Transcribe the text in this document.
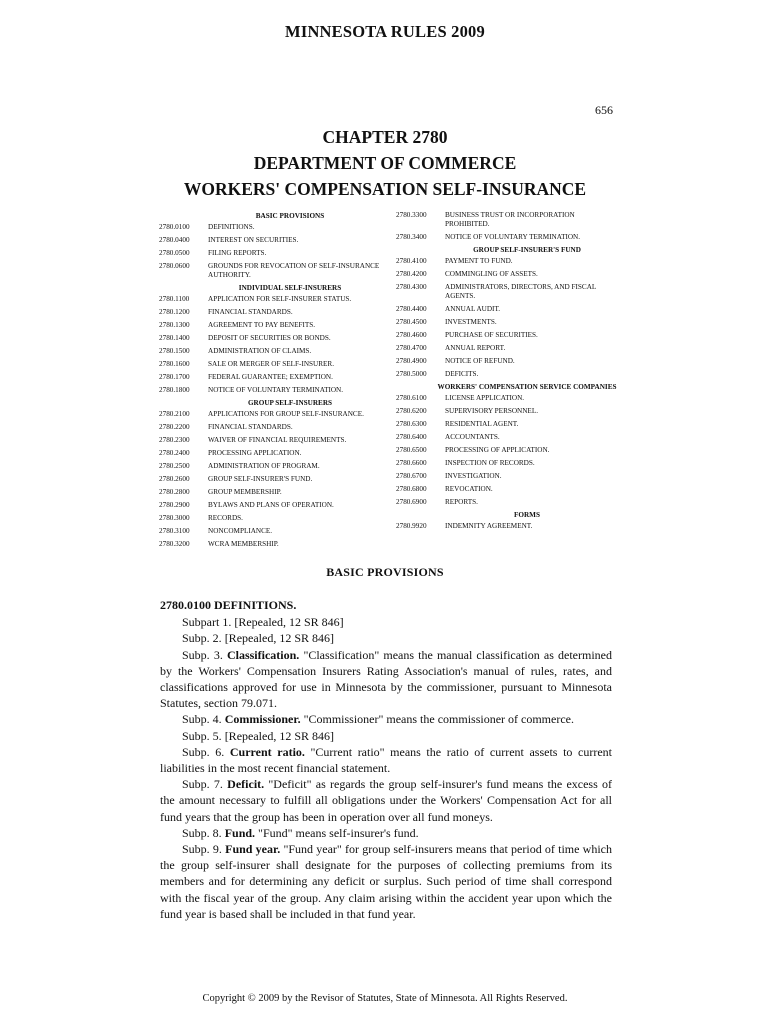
MINNESOTA RULES 2009
656
CHAPTER 2780
DEPARTMENT OF COMMERCE
WORKERS' COMPENSATION SELF-INSURANCE
BASIC PROVISIONS
2780.0100	DEFINITIONS.
2780.0400	INTEREST ON SECURITIES.
2780.0500	FILING REPORTS.
2780.0600	GROUNDS FOR REVOCATION OF SELF-INSURANCE AUTHORITY.
INDIVIDUAL SELF-INSURERS
2780.1100	APPLICATION FOR SELF-INSURER STATUS.
2780.1200	FINANCIAL STANDARDS.
2780.1300	AGREEMENT TO PAY BENEFITS.
2780.1400	DEPOSIT OF SECURITIES OR BONDS.
2780.1500	ADMINISTRATION OF CLAIMS.
2780.1600	SALE OR MERGER OF SELF-INSURER.
2780.1700	FEDERAL GUARANTEE; EXEMPTION.
2780.1800	NOTICE OF VOLUNTARY TERMINATION.
GROUP SELF-INSURERS
2780.2100	APPLICATIONS FOR GROUP SELF-INSURANCE.
2780.2200	FINANCIAL STANDARDS.
2780.2300	WAIVER OF FINANCIAL REQUIREMENTS.
2780.2400	PROCESSING APPLICATION.
2780.2500	ADMINISTRATION OF PROGRAM.
2780.2600	GROUP SELF-INSURER'S FUND.
2780.2800	GROUP MEMBERSHIP.
2780.2900	BYLAWS AND PLANS OF OPERATION.
2780.3000	RECORDS.
2780.3100	NONCOMPLIANCE.
2780.3200	WCRA MEMBERSHIP.
2780.3300	BUSINESS TRUST OR INCORPORATION PROHIBITED.
2780.3400	NOTICE OF VOLUNTARY TERMINATION.
GROUP SELF-INSURER'S FUND
2780.4100	PAYMENT TO FUND.
2780.4200	COMMINGLING OF ASSETS.
2780.4300	ADMINISTRATORS, DIRECTORS, AND FISCAL AGENTS.
2780.4400	ANNUAL AUDIT.
2780.4500	INVESTMENTS.
2780.4600	PURCHASE OF SECURITIES.
2780.4700	ANNUAL REPORT.
2780.4900	NOTICE OF REFUND.
2780.5000	DEFICITS.
WORKERS' COMPENSATION SERVICE COMPANIES
2780.6100	LICENSE APPLICATION.
2780.6200	SUPERVISORY PERSONNEL.
2780.6300	RESIDENTIAL AGENT.
2780.6400	ACCOUNTANTS.
2780.6500	PROCESSING OF APPLICATION.
2780.6600	INSPECTION OF RECORDS.
2780.6700	INVESTIGATION.
2780.6800	REVOCATION.
2780.6900	REPORTS.
FORMS
2780.9920	INDEMNITY AGREEMENT.
BASIC PROVISIONS
2780.0100 DEFINITIONS.

Subpart 1. [Repealed, 12 SR 846]

Subp. 2. [Repealed, 12 SR 846]

Subp. 3. Classification. "Classification" means the manual classification as determined by the Workers' Compensation Insurers Rating Association's manual of rules, rates, and classifications approved for use in Minnesota by the commissioner, pursuant to Minnesota Statutes, section 79.071.

Subp. 4. Commissioner. "Commissioner" means the commissioner of commerce.

Subp. 5. [Repealed, 12 SR 846]

Subp. 6. Current ratio. "Current ratio" means the ratio of current assets to current liabilities in the most recent financial statement.

Subp. 7. Deficit. "Deficit" as regards the group self-insurer's fund means the excess of the amount necessary to fulfill all obligations under the Workers' Compensation Act for all fund years that the group has been in operation over all fund moneys.

Subp. 8. Fund. "Fund" means self-insurer's fund.

Subp. 9. Fund year. "Fund year" for group self-insurers means that period of time which the group self-insurer shall designate for the purposes of collecting premiums from its members and for determining any deficit or surplus. Such period of time shall correspond with the fiscal year of the group. Any claim arising within the accident year upon which the fund year is based shall be included in that fund year.

Copyright © 2009 by the Revisor of Statutes, State of Minnesota. All Rights Reserved.
